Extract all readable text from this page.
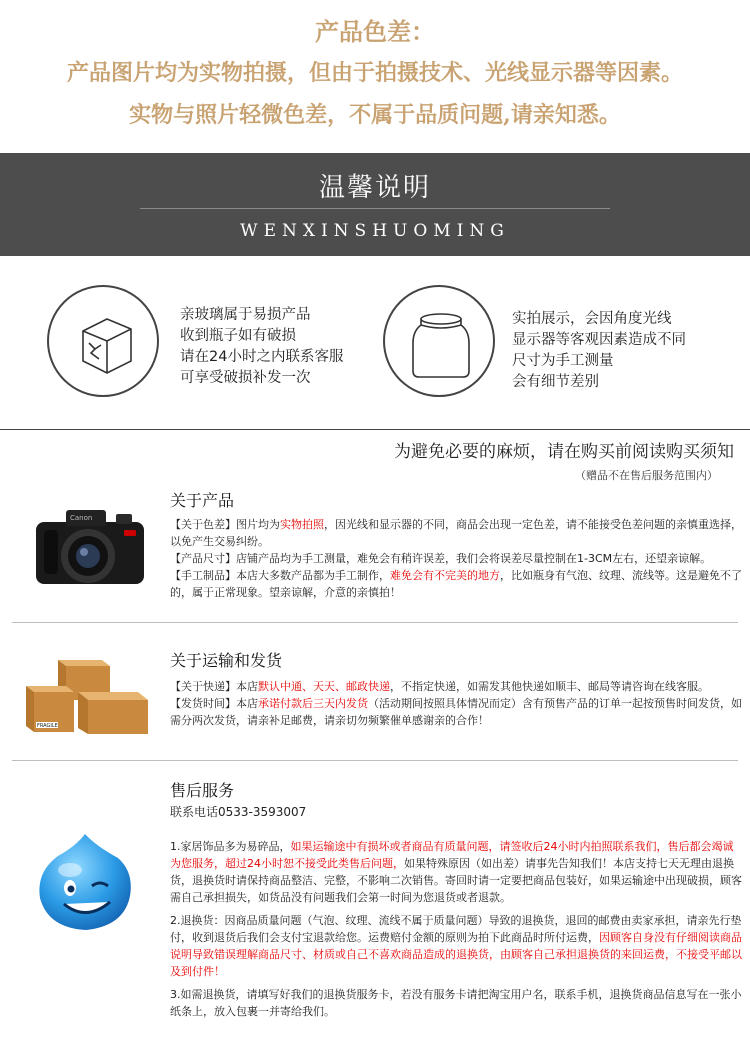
产品色差：
产品图片均为实物拍摄，但由于拍摄技术、光线显示器等因素。
实物与照片轻微色差，不属于品质问题,请亲知悉。
温馨说明
WENXINSHUOMING
亲玻璃属于易损产品
收到瓶子如有破损
请在24小时之内联系客服
可享受破损补发一次
实拍展示，会因角度光线
显示器等客观因素造成不同
尺寸为手工测量
会有细节差别
为避免必要的麻烦，请在购买前阅读购买须知
（赠品不在售后服务范围内）
Canon
关于产品
【关于色差】图片均为实物拍照，因光线和显示器的不同，商品会出现一定色差，请不能接受色差问题的亲慎重选择，以免产生交易纠纷。
【产品尺寸】店铺产品均为手工测量，难免会有稍许误差，我们会将误差尽量控制在1-3CM左右，还望亲谅解。
【手工制品】本店大多数产品都为手工制作，难免会有不完美的地方，比如瓶身有气泡、纹理、流线等。这是避免不了的，属于正常现象。望亲谅解，介意的亲慎拍！
FRAGILE
关于运输和发货
【关于快递】本店默认中通、天天、邮政快递，不指定快递，如需发其他快递如顺丰、邮局等请咨询在线客服。
【发货时间】本店承诺付款后三天内发货（活动期间按照具体情况而定）含有预售产品的订单一起按预售时间发货，如需分两次发货，请亲补足邮费，请亲切勿频繁催单感谢亲的合作！
售后服务
联系电话0533-3593007
1.家居饰品多为易碎品，如果运输途中有损坏或者商品有质量问题，请签收后24小时内拍照联系我们，售后都会竭诚为您服务，超过24小时恕不接受此类售后问题，如果特殊原因（如出差）请事先告知我们！本店支持七天无理由退换货，退换货时请保持商品整洁、完整，不影响二次销售。寄回时请一定要把商品包装好，如果运输途中出现破损，顾客需自己承担损失，如货品没有问题我们会第一时间为您退货或者退款。
2.退换货：因商品质量问题（气泡、纹理、流线不属于质量问题）导致的退换货，退回的邮费由卖家承担，请亲先行垫付，收到退货后我们会支付宝退款给您。运费赔付金额的原则为拍下此商品时所付运费，因顾客自身没有仔细阅读商品说明导致错误理解商品尺寸、材质或自己不喜欢商品造成的退换货，由顾客自己承担退换货的来回运费，不接受平邮以及到付件！
3.如需退换货，请填写好我们的退换货服务卡，若没有服务卡请把淘宝用户名，联系手机，退换货商品信息写在一张小纸条上，放入包裹一并寄给我们。
